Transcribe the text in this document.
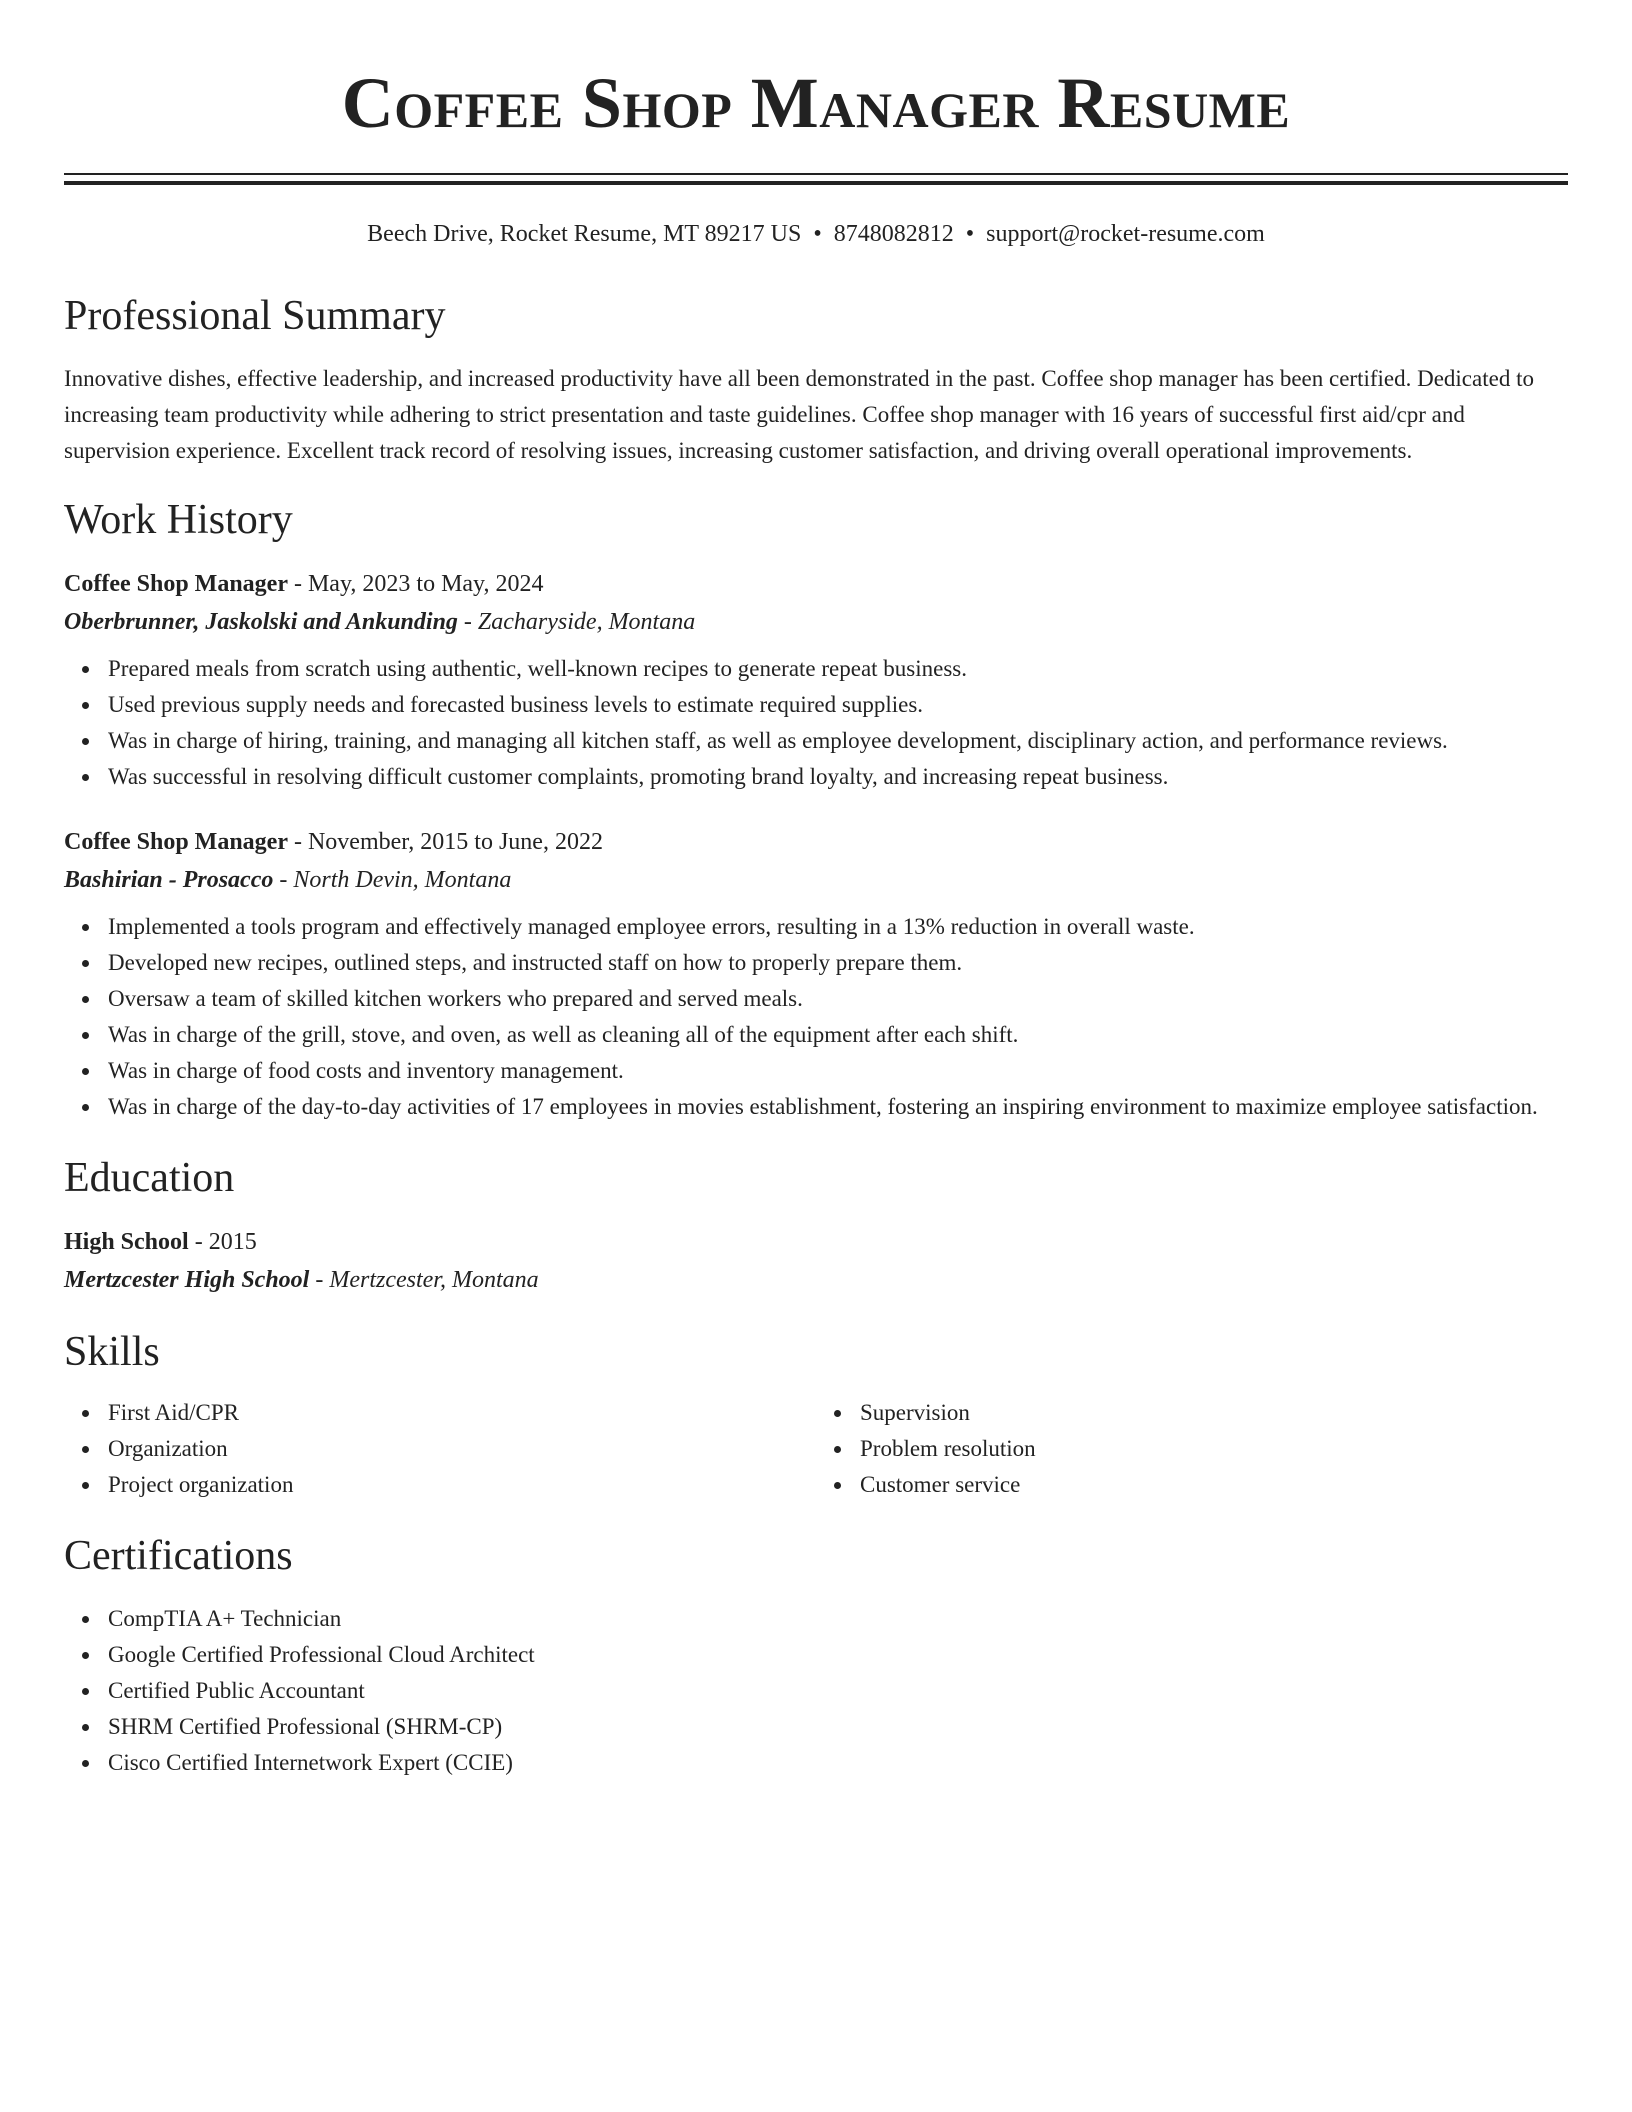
Coffee Shop Manager Resume
Beech Drive, Rocket Resume, MT 89217 US • 8748082812 • support@rocket-resume.com
Professional Summary

Innovative dishes, effective leadership, and increased productivity have all been demonstrated in the past. Coffee shop manager has been certified. Dedicated to increasing team productivity while adhering to strict presentation and taste guidelines. Coffee shop manager with 16 years of successful first aid/cpr and supervision experience. Excellent track record of resolving issues, increasing customer satisfaction, and driving overall operational improvements.

Work History
Coffee Shop Manager - May, 2023 to May, 2024
Oberbrunner, Jaskolski and Ankunding - Zacharyside, Montana
Prepared meals from scratch using authentic, well-known recipes to generate repeat business.
Used previous supply needs and forecasted business levels to estimate required supplies.
Was in charge of hiring, training, and managing all kitchen staff, as well as employee development, disciplinary action, and performance reviews.
Was successful in resolving difficult customer complaints, promoting brand loyalty, and increasing repeat business.
Coffee Shop Manager - November, 2015 to June, 2022
Bashirian - Prosacco - North Devin, Montana
Implemented a tools program and effectively managed employee errors, resulting in a 13% reduction in overall waste.
Developed new recipes, outlined steps, and instructed staff on how to properly prepare them.
Oversaw a team of skilled kitchen workers who prepared and served meals.
Was in charge of the grill, stove, and oven, as well as cleaning all of the equipment after each shift.
Was in charge of food costs and inventory management.
Was in charge of the day-to-day activities of 17 employees in movies establishment, fostering an inspiring environment to maximize employee satisfaction.
Education
High School - 2015
Mertzcester High School - Mertzcester, Montana
Skills
First Aid/CPR
Organization
Project organization
Supervision
Problem resolution
Customer service
Certifications
CompTIA A+ Technician
Google Certified Professional Cloud Architect
Certified Public Accountant
SHRM Certified Professional (SHRM-CP)
Cisco Certified Internetwork Expert (CCIE)
